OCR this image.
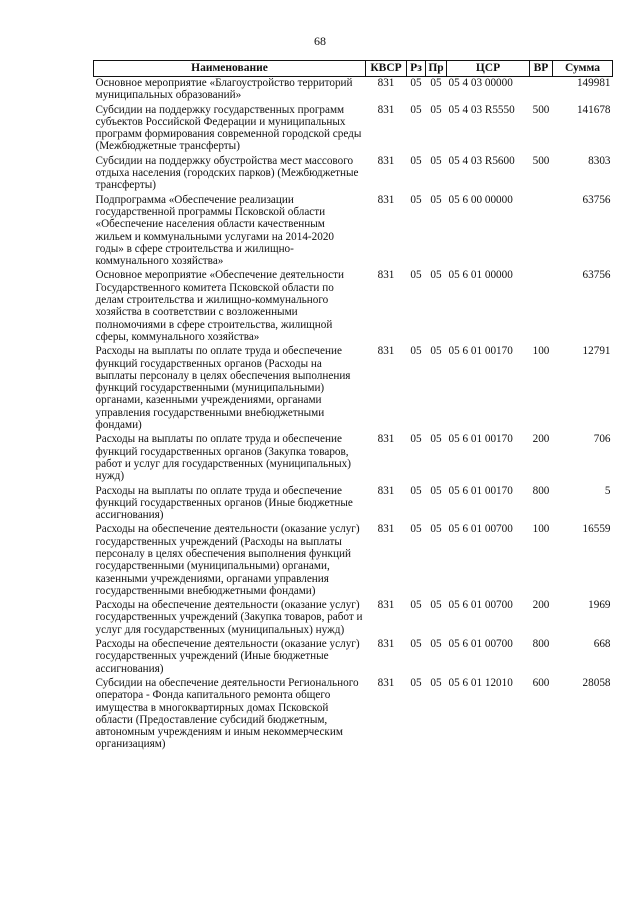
68
Наименование	КВСР	Рз	Пр	ЦСР	ВР	Сумма
Основное мероприятие «Благоустройство территорий муниципальных образований»	831	05	05	05 4 03 00000		149981
Субсидии на поддержку государственных программ субъектов Российской Федерации и муниципальных программ формирования современной городской среды (Межбюджетные трансферты)	831	05	05	05 4 03 R5550	500	141678
Субсидии на поддержку обустройства мест массового отдыха населения (городских парков) (Межбюджетные трансферты)	831	05	05	05 4 03 R5600	500	8303
Подпрограмма «Обеспечение реализации государственной программы Псковской области «Обеспечение населения области качественным жильем и коммунальными услугами на 2014-2020 годы» в сфере строительства и жилищно-коммунального хозяйства»	831	05	05	05 6 00 00000		63756
Основное мероприятие «Обеспечение деятельности Государственного комитета Псковской области по делам строительства и жилищно-коммунального хозяйства в соответствии с возложенными полномочиями в сфере строительства, жилищной сферы, коммунального хозяйства»	831	05	05	05 6 01 00000		63756
Расходы на выплаты по оплате труда и обеспечение функций государственных органов (Расходы на выплаты персоналу в целях обеспечения выполнения функций государственными (муниципальными) органами, казенными учреждениями, органами управления государственными внебюджетными фондами)	831	05	05	05 6 01 00170	100	12791
Расходы на выплаты по оплате труда и обеспечение функций государственных органов (Закупка товаров, работ и услуг для государственных (муниципальных) нужд)	831	05	05	05 6 01 00170	200	706
Расходы на выплаты по оплате труда и обеспечение функций государственных органов (Иные бюджетные ассигнования)	831	05	05	05 6 01 00170	800	5
Расходы на обеспечение деятельности (оказание услуг) государственных учреждений (Расходы на выплаты персоналу в целях обеспечения выполнения функций государственными (муниципальными) органами, казенными учреждениями, органами управления государственными внебюджетными фондами)	831	05	05	05 6 01 00700	100	16559
Расходы на обеспечение деятельности (оказание услуг) государственных учреждений (Закупка товаров, работ и услуг для государственных (муниципальных) нужд)	831	05	05	05 6 01 00700	200	1969
Расходы на обеспечение деятельности (оказание услуг) государственных учреждений (Иные бюджетные ассигнования)	831	05	05	05 6 01 00700	800	668
Субсидии на обеспечение деятельности Регионального оператора - Фонда капитального ремонта общего имущества в многоквартирных домах Псковской области (Предоставление субсидий бюджетным, автономным учреждениям и иным некоммерческим организациям)	831	05	05	05 6 01 12010	600	28058
